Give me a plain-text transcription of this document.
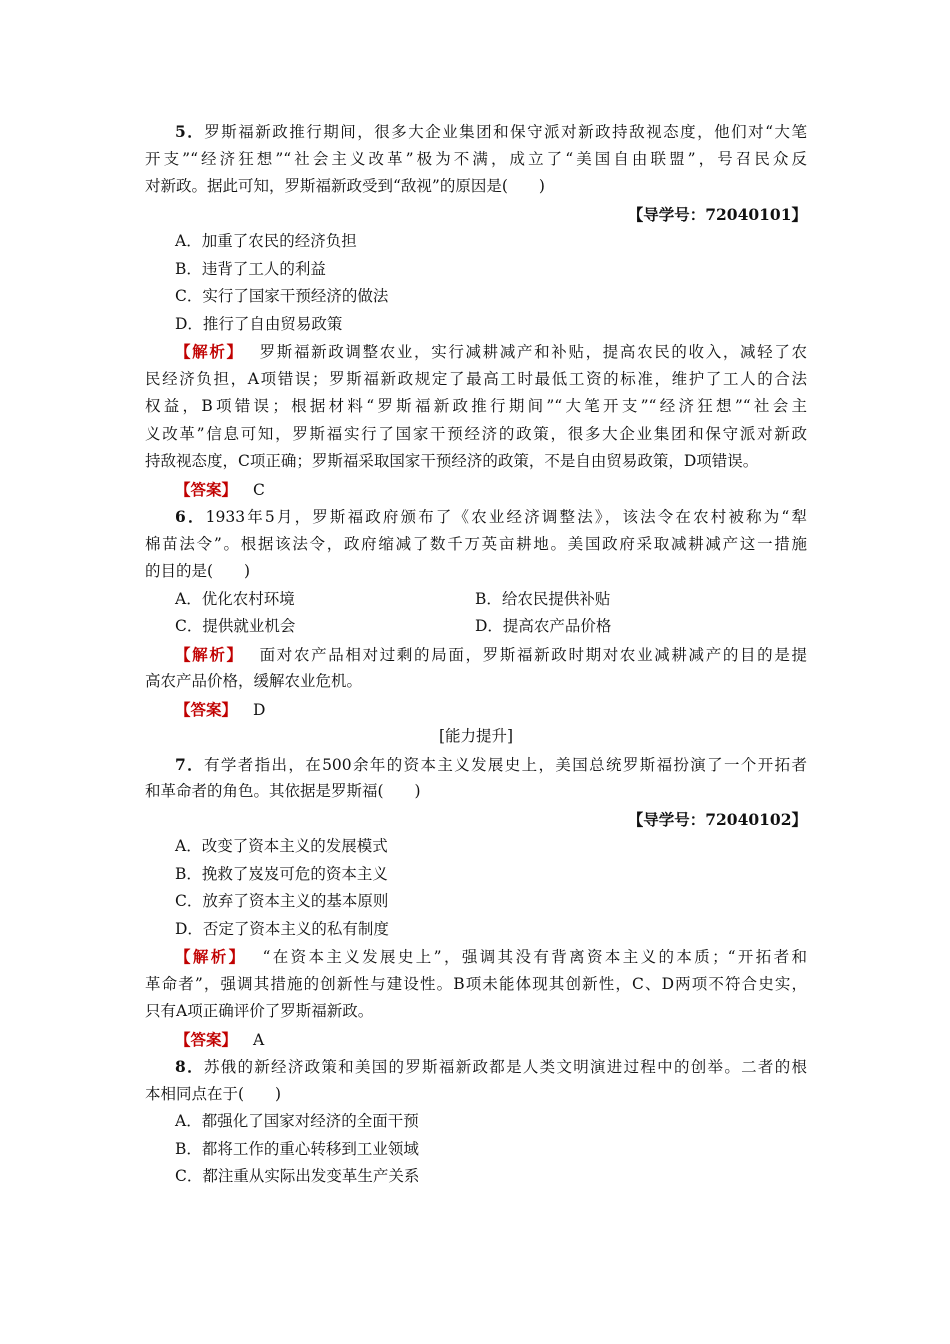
5．罗斯福新政推行期间，很多大企业集团和保守派对新政持敌视态度，他们对“大笔
开支”“经济狂想”“社会主义改革”极为不满，成立了“美国自由联盟”，号召民众反
对新政。据此可知，罗斯福新政受到“敌视”的原因是(　　)
【导学号：72040101】
A．加重了农民的经济负担
B．违背了工人的利益
C．实行了国家干预经济的做法
D．推行了自由贸易政策
【解析】 罗斯福新政调整农业，实行减耕减产和补贴，提高农民的收入，减轻了农
民经济负担，A项错误；罗斯福新政规定了最高工时最低工资的标准，维护了工人的合法
权益，B项错误；根据材料“罗斯福新政推行期间”“大笔开支”“经济狂想”“社会主
义改革”信息可知，罗斯福实行了国家干预经济的政策，很多大企业集团和保守派对新政
持敌视态度，C项正确；罗斯福采取国家干预经济的政策，不是自由贸易政策，D项错误。
【答案】 C
6．1933年5月，罗斯福政府颁布了《农业经济调整法》，该法令在农村被称为“犁
棉苗法令”。根据该法令，政府缩减了数千万英亩耕地。美国政府采取减耕减产这一措施
的目的是(　　)
A．优化农村环境	B．给农民提供补贴
C．提供就业机会	D．提高农产品价格
【解析】 面对农产品相对过剩的局面，罗斯福新政时期对农业减耕减产的目的是提
高农产品价格，缓解农业危机。
【答案】 D
[能力提升]
7．有学者指出，在500余年的资本主义发展史上，美国总统罗斯福扮演了一个开拓者
和革命者的角色。其依据是罗斯福(　　)
【导学号：72040102】
A．改变了资本主义的发展模式
B．挽救了岌岌可危的资本主义
C．放弃了资本主义的基本原则
D．否定了资本主义的私有制度
【解析】 “在资本主义发展史上”，强调其没有背离资本主义的本质；“开拓者和
革命者”，强调其措施的创新性与建设性。B项未能体现其创新性，C、D两项不符合史实，
只有A项正确评价了罗斯福新政。
【答案】 A
8．苏俄的新经济政策和美国的罗斯福新政都是人类文明演进过程中的创举。二者的根
本相同点在于(　　)
A．都强化了国家对经济的全面干预
B．都将工作的重心转移到工业领域
C．都注重从实际出发变革生产关系
